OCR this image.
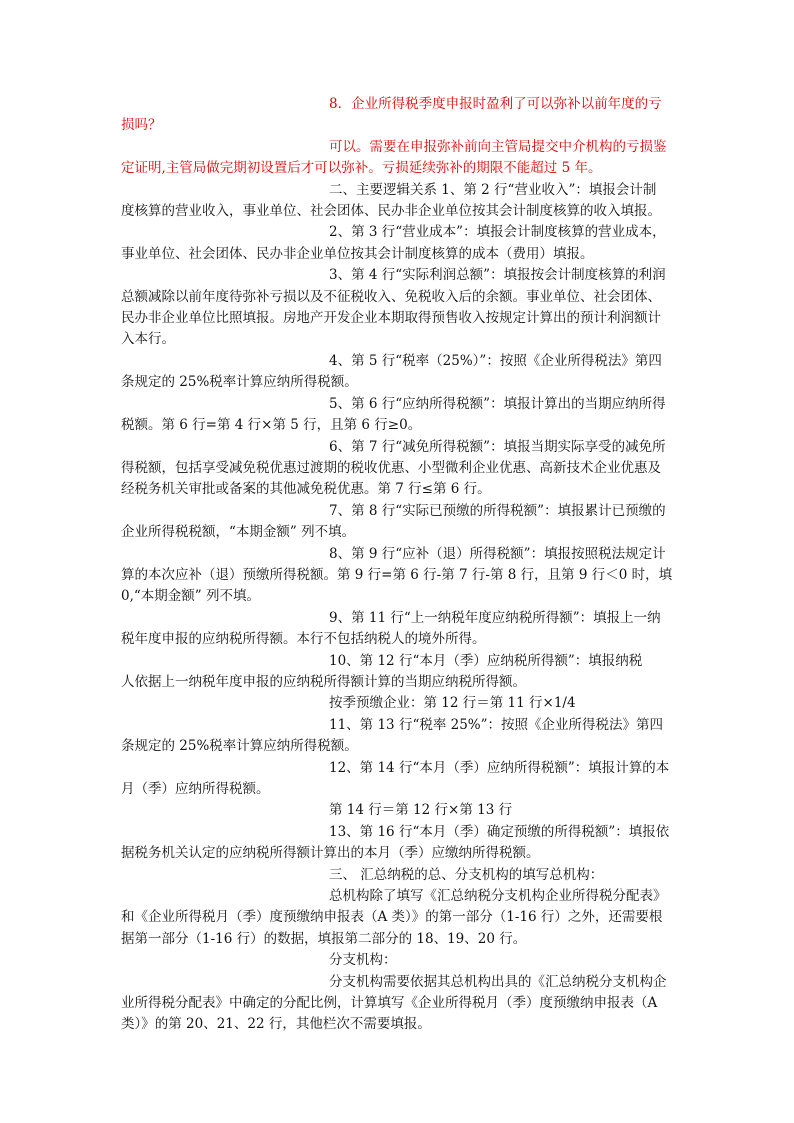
8．企业所得税季度申报时盈利了可以弥补以前年度的亏
损吗？
可以。需要在申报弥补前向主管局提交中介机构的亏损鉴
定证明,主管局做完期初设置后才可以弥补。亏损延续弥补的期限不能超过 5 年。
二、主要逻辑关系 1、第 2 行“营业收入”：填报会计制
度核算的营业收入，事业单位、社会团体、民办非企业单位按其会计制度核算的收入填报。
2、第 3 行“营业成本”：填报会计制度核算的营业成本，
事业单位、社会团体、民办非企业单位按其会计制度核算的成本（费用）填报。
3、第 4 行“实际利润总额”：填报按会计制度核算的利润
总额减除以前年度待弥补亏损以及不征税收入、免税收入后的余额。事业单位、社会团体、
民办非企业单位比照填报。房地产开发企业本期取得预售收入按规定计算出的预计利润额计
入本行。
4、第 5 行“税率（25%）”：按照《企业所得税法》第四
条规定的 25%税率计算应纳所得税额。
5、第 6 行“应纳所得税额”：填报计算出的当期应纳所得
税额。第 6 行=第 4 行×第 5 行，且第 6 行≥0。
6、第 7 行“减免所得税额”：填报当期实际享受的减免所
得税额，包括享受减免税优惠过渡期的税收优惠、小型微利企业优惠、高新技术企业优惠及
经税务机关审批或备案的其他减免税优惠。第 7 行≤第 6 行。
7、第 8 行“实际已预缴的所得税额”：填报累计已预缴的
企业所得税税额，“本期金额” 列不填。
8、第 9 行“应补（退）所得税额”：填报按照税法规定计
算的本次应补（退）预缴所得税额。第 9 行=第 6 行-第 7 行-第 8 行，且第 9 行＜0 时，填
0,“本期金额” 列不填。
9、第 11 行“上一纳税年度应纳税所得额”：填报上一纳
税年度申报的应纳税所得额。本行不包括纳税人的境外所得。
10、第 12 行“本月（季）应纳税所得额”：填报纳税
人依据上一纳税年度申报的应纳税所得额计算的当期应纳税所得额。
按季预缴企业：第 12 行＝第 11 行×1/4
11、第 13 行“税率 25%”：按照《企业所得税法》第四
条规定的 25%税率计算应纳所得税额。
12、第 14 行“本月（季）应纳所得税额”：填报计算的本
月（季）应纳所得税额。
第 14 行＝第 12 行×第 13 行
13、第 16 行“本月（季）确定预缴的所得税额”：填报依
据税务机关认定的应纳税所得额计算出的本月（季）应缴纳所得税额。
三、 汇总纳税的总、分支机构的填写总机构：
总机构除了填写《汇总纳税分支机构企业所得税分配表》
和《企业所得税月（季）度预缴纳申报表（A 类）》的第一部分（1-16 行）之外，还需要根
据第一部分（1-16 行）的数据，填报第二部分的 18、19、20 行。
分支机构：
分支机构需要依据其总机构出具的《汇总纳税分支机构企
业所得税分配表》中确定的分配比例，计算填写《企业所得税月（季）度预缴纳申报表（A
类）》的第 20、21、22 行，其他栏次不需要填报。
